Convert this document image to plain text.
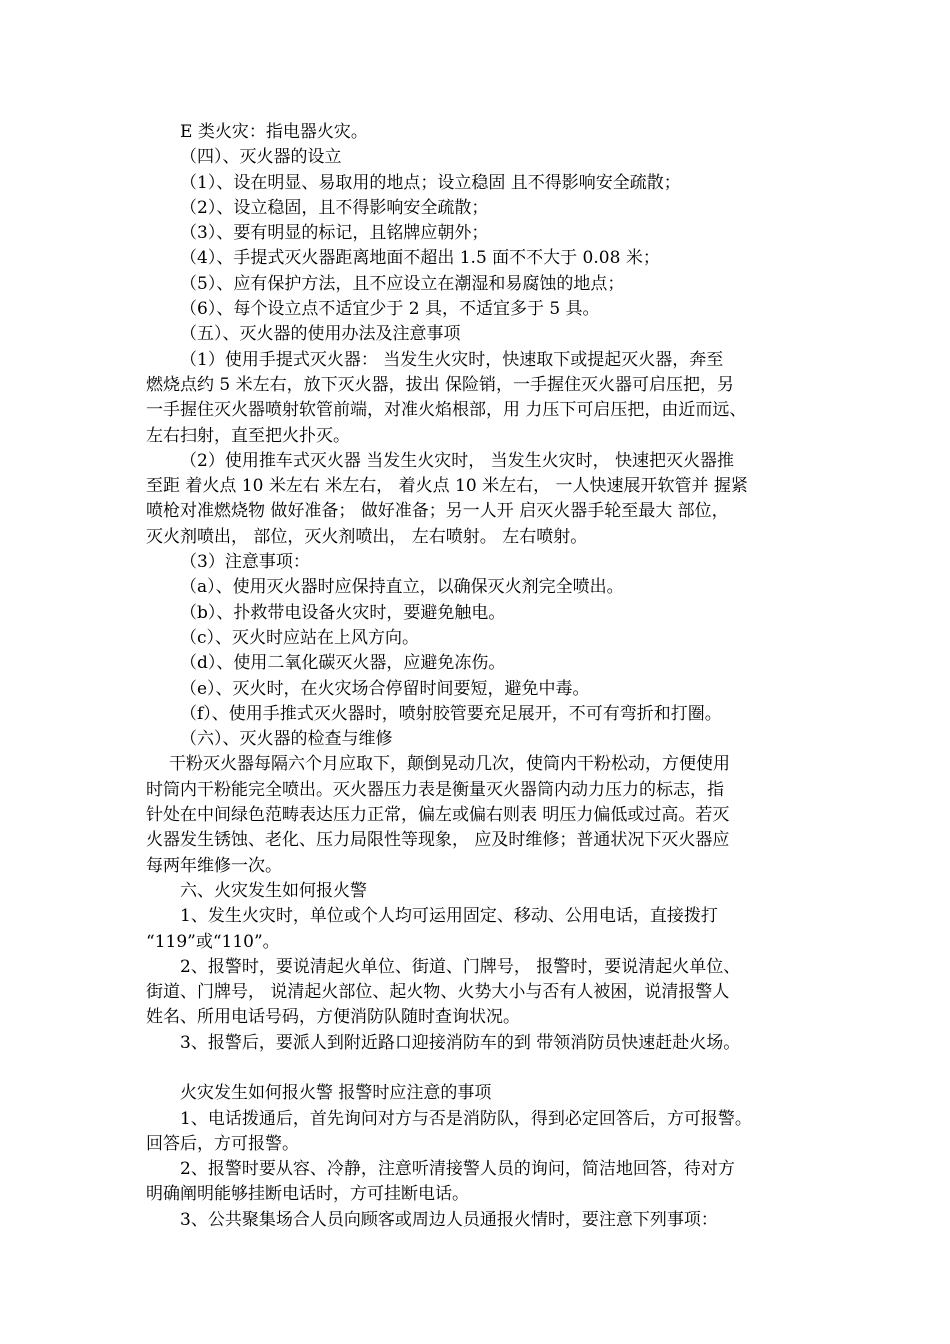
E 类火灾：指电器火灾。
（四）、灭火器的设立
（1）、设在明显、易取用的地点；设立稳固 且不得影响安全疏散；
（2）、设立稳固，且不得影响安全疏散；
（3）、要有明显的标记，且铭牌应朝外；
（4）、手提式灭火器距离地面不超出 1.5 面不不大于 0.08 米；
（5）、应有保护方法，且不应设立在潮湿和易腐蚀的地点；
（6）、每个设立点不适宜少于 2 具，不适宜多于 5 具。
（五）、灭火器的使用办法及注意事项
（1）使用手提式灭火器： 当发生火灾时，快速取下或提起灭火器，奔至
燃烧点约 5 米左右，放下灭火器，拔出 保险销，一手握住灭火器可启压把，另
一手握住灭火器喷射软管前端，对准火焰根部，用 力压下可启压把，由近而远、
左右扫射，直至把火扑灭。
（2）使用推车式灭火器 当发生火灾时， 当发生火灾时， 快速把灭火器推
至距 着火点 10 米左右 米左右， 着火点 10 米左右， 一人快速展开软管并 握紧
喷枪对准燃烧物 做好准备； 做好准备；另一人开 启灭火器手轮至最大 部位，
灭火剂喷出， 部位，灭火剂喷出， 左右喷射。 左右喷射。
（3）注意事项：
（a）、使用灭火器时应保持直立，以确保灭火剂完全喷出。
（b）、扑救带电设备火灾时，要避免触电。
（c）、灭火时应站在上风方向。
（d）、使用二氧化碳灭火器，应避免冻伤。
（e）、灭火时，在火灾场合停留时间要短，避免中毒。
（f）、使用手推式灭火器时，喷射胶管要充足展开，不可有弯折和打圈。
（六）、灭火器的检查与维修
干粉灭火器每隔六个月应取下，颠倒晃动几次，使筒内干粉松动，方便使用
时筒内干粉能完全喷出。灭火器压力表是衡量灭火器筒内动力压力的标志，指
针处在中间绿色范畴表达压力正常，偏左或偏右则表 明压力偏低或过高。若灭
火器发生锈蚀、老化、压力局限性等现象， 应及时维修；普通状况下灭火器应
每两年维修一次。
六、火灾发生如何报火警
1、发生火灾时，单位或个人均可运用固定、移动、公用电话，直接拨打
“119”或“110”。
2、报警时，要说清起火单位、街道、门牌号， 报警时，要说清起火单位、
街道、门牌号， 说清起火部位、起火物、火势大小与否有人被困，说清报警人
姓名、所用电话号码，方便消防队随时查询状况。
3、报警后，要派人到附近路口迎接消防车的到 带领消防员快速赶赴火场。
火灾发生如何报火警 报警时应注意的事项
1、电话拨通后，首先询问对方与否是消防队，得到必定回答后，方可报警。
回答后，方可报警。
2、报警时要从容、冷静，注意听清接警人员的询问，简洁地回答，待对方
明确阐明能够挂断电话时，方可挂断电话。
3、公共聚集场合人员向顾客或周边人员通报火情时，要注意下列事项：
